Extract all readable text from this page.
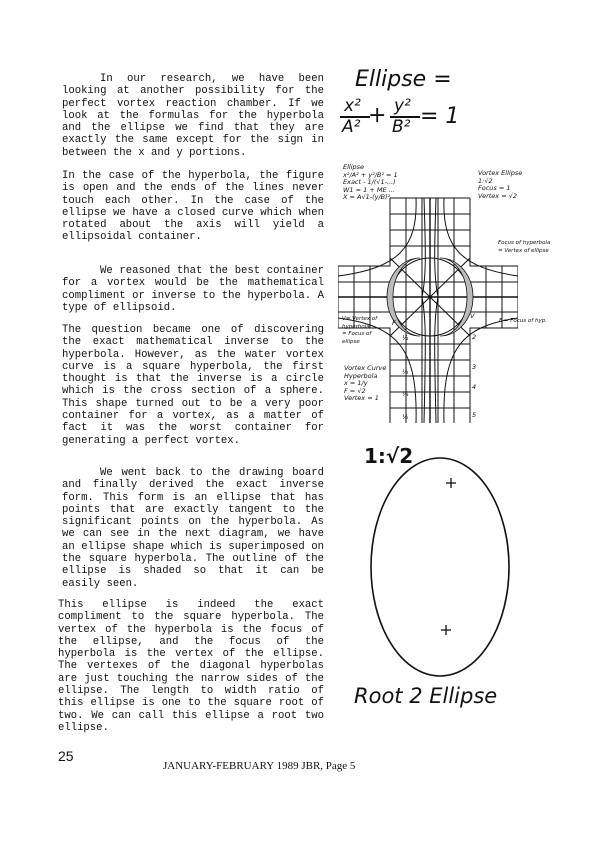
In our research, we have been looking at another possibility for the perfect vortex reaction chamber. If we look at the formulas for the hyperbola and the ellipse we find that they are exactly the same except for the sign in between the x and y portions.

In the case of the hyperbola, the figure is open and the ends of the lines never touch each other. In the case of the ellipse we have a closed curve which when rotated about the axis will yield a ellipsoidal container.

We reasoned that the best container for a vortex would be the mathematical compliment or inverse to the hyperbola. A type of ellipsoid.

The question became one of discovering the exact mathematical inverse to the hyperbola. However, as the water vortex curve is a square hyperbola, the first thought is that the inverse is a circle which is the cross section of a sphere. This shape turned out to be a very poor container for a vortex, as a matter of fact it was the worst container for generating a perfect vortex.

We went back to the drawing board and finally derived the exact inverse form. This form is an ellipse that has points that are exactly tangent to the significant points on the hyperbola. As we can see in the next diagram, we have an ellipse shape which is superimposed on the square hyperbola. The outline of the ellipse is shaded so that it can be easily seen.

This ellipse is indeed the exact compliment to the square hyperbola. The vertex of the hyperbola is the focus of the ellipse, and the focus of the hyperbola is the vertex of the ellipse. The vertexes of the diagonal hyperbolas are just touching the narrow sides of the ellipse. The length to width ratio of this ellipse is one to the square root of two. We can call this ellipse a root two ellipse.

Ellipse =
x²
A² + y²
B² = 1
Ellipse
x²/A² + y²/B² = 1
Exact - 1/(√1-...)
W1 = 1 + ME ...
X = A√1-(y/B)²
Vortex Ellipse
1:√2
Focus = 1
Vertex = √2
Focus of hyperbola
= Vertex of ellipse
V= Vertex of
hyperbola
= Focus of
ellipse
F = Focus of hyp.
Vortex Curve
Hyperbola
x = 1/y
F = √2
Vertex = 1
V
F
2
3
4
5
½
⅓
¼
⅕
1:√2
Root 2 Ellipse
25
JANUARY-FEBRUARY 1989 JBR, Page 5
